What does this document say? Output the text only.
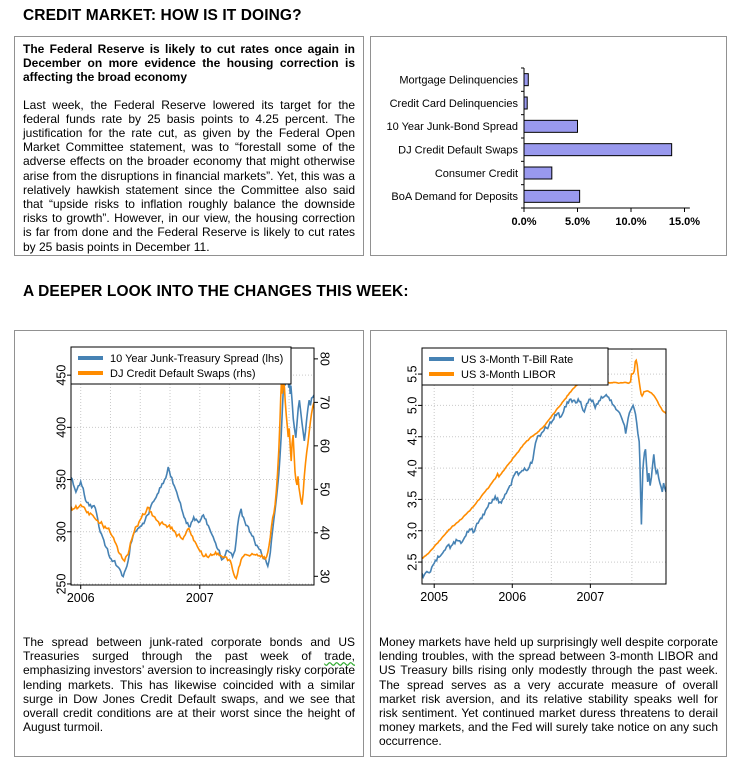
CREDIT MARKET: HOW IS IT DOING?

The Federal Reserve is likely to cut rates once again in December on more evidence the housing correction is affecting the broad economy

Last week, the Federal Reserve lowered its target for the federal funds rate by 25 basis points to 4.25 percent. The justification for the rate cut, as given by the Federal Open Market Committee statement, was to “forestall some of the adverse effects on the broader economy that might otherwise arise from the disruptions in financial markets”. Yet, this was a relatively hawkish statement since the Committee also said that “upside risks to inflation roughly balance the downside risks to growth”. However, in our view, the housing correction is far from done and the Federal Reserve is likely to cut rates by 25 basis points in December 11.

Mortgage Delinquencies
Credit Card Delinquencies
10 Year Junk-Bond Spread
DJ Credit Default Swaps
Consumer Credit
BoA Demand for Deposits
0.0%	5.0% 10.0% 15.0%
A DEEPER LOOK INTO THE CHANGES THIS WEEK:
250
300
350
400
450
30
40
50
60
70
80
2006	2007
10 Year Junk-Treasury Spread (lhs)
DJ Credit Default Swaps (rhs)
The spread between junk-rated corporate bonds and US Treasuries surged through the past week of trade, emphasizing investors’ aversion to increasingly risky corporate lending markets. This has likewise coincided with a similar surge in Dow Jones Credit Default swaps, and we see that overall credit conditions are at their worst since the height of August turmoil.
2.5
3.0
3.5
4.0
4.5
5.0
5.5
2005	2006	2007
US 3-Month T-Bill Rate
US 3-Month LIBOR
Money markets have held up surprisingly well despite corporate lending troubles, with the spread between 3-month LIBOR and US Treasury bills rising only modestly through the past week. The spread serves as a very accurate measure of overall market risk aversion, and its relative stability speaks well for risk sentiment. Yet continued market duress threatens to derail money markets, and the Fed will surely take notice on any such occurrence.
